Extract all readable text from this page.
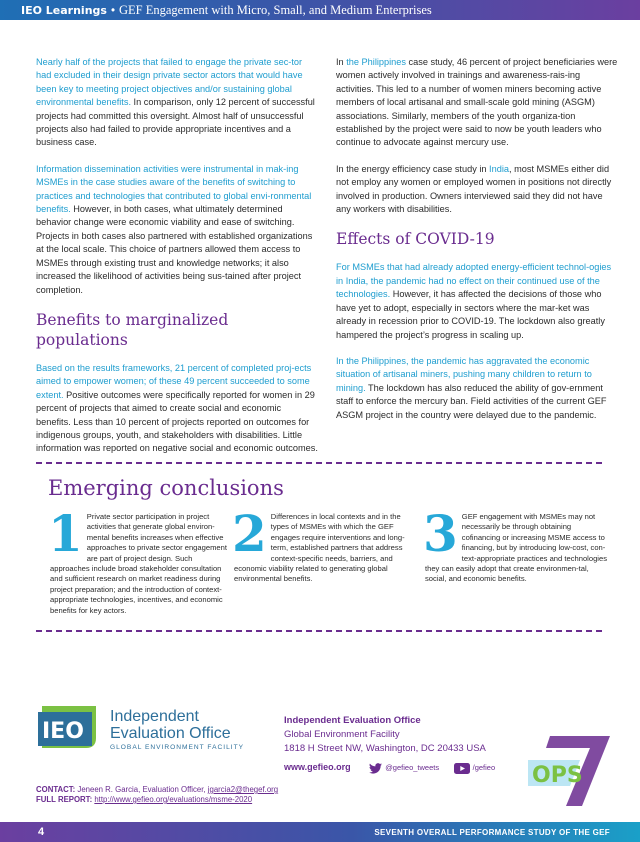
IEO Learnings • GEF Engagement with Micro, Small, and Medium Enterprises

Nearly half of the projects that failed to engage the private sec-tor had excluded in their design private sector actors that would have been key to meeting project objectives and/or sustaining global environmental benefits. In comparison, only 12 percent of successful projects had committed this oversight. Almost half of unsuccessful projects also had failed to provide appropriate incentives and a business case.

Information dissemination activities were instrumental in mak-ing MSMEs in the case studies aware of the benefits of switching to practices and technologies that contributed to global envi-ronmental benefits. However, in both cases, what ultimately determined behavior change were economic viability and ease of switching. Projects in both cases also partnered with established organizations at the local scale. This choice of partners allowed them access to MSMEs through existing trust and knowledge networks; it also increased the likelihood of activities being sus-tained after project completion.

Benefits to marginalized populations

Based on the results frameworks, 21 percent of completed proj-ects aimed to empower women; of these 49 percent succeeded to some extent. Positive outcomes were specifically reported for women in 29 percent of projects that aimed to create social and economic benefits. Less than 10 percent of projects reported on outcomes for indigenous groups, youth, and stakeholders with disabilities. Little information was reported on negative social and economic outcomes.

In the Philippines case study, 46 percent of project beneficiaries were women actively involved in trainings and awareness-rais-ing activities. This led to a number of women miners becoming active members of local artisanal and small-scale gold mining (ASGM) associations. Similarly, members of the youth organiza-tion established by the project were said to now be youth leaders who continue to advocate against mercury use.

In the energy efficiency case study in India, most MSMEs either did not employ any women or employed women in positions not directly involved in production. Owners interviewed said they did not have any workers with disabilities.

Effects of COVID-19

For MSMEs that had already adopted energy-efficient technol-ogies in India, the pandemic had no effect on their continued use of the technologies. However, it has affected the decisions of those who have yet to adopt, especially in sectors where the mar-ket was already in recession prior to COVID-19. The lockdown also greatly hampered the project’s progress in scaling up.

In the Philippines, the pandemic has aggravated the economic situation of artisanal miners, pushing many children to return to mining. The lockdown has also reduced the ability of gov-ernment staff to enforce the mercury ban. Field activities of the current GEF ASGM project in the country were delayed due to the pandemic.

Emerging conclusions
1 Private sector participation in project activities that generate global environ-mental benefits increases when effective approaches to private sector engagement are part of project design. Such approaches include broad stakeholder consultation and sufficient research on market readiness during project preparation; and the introduction of context-appropriate technologies, incentives, and economic benefits for key actors.
2 Differences in local contexts and in the types of MSMEs with which the GEF engages require interventions and long-term, established partners that address context-specific needs, barriers, and economic viability related to generating global environmental benefits.
3 GEF engagement with MSMEs may not necessarily be through obtaining cofinancing or increasing MSME access to financing, but by introducing low-cost, con-text-appropriate practices and technologies they can easily adopt that create environmen-tal, social, and economic benefits.
IEO
Independent
Evaluation Office
GLOBAL ENVIRONMENT FACILITY
Independent Evaluation Office
Global Environment Facility
1818 H Street NW, Washington, DC 20433 USA
www.gefieo.org	@gefieo_tweets	/gefieo	OPS
CONTACT: Jeneen R. Garcia, Evaluation Officer, jgarcia2@thegef.org
FULL REPORT: http://www.gefieo.org/evaluations/msme-2020
4	SEVENTH OVERALL PERFORMANCE STUDY OF THE GEF
